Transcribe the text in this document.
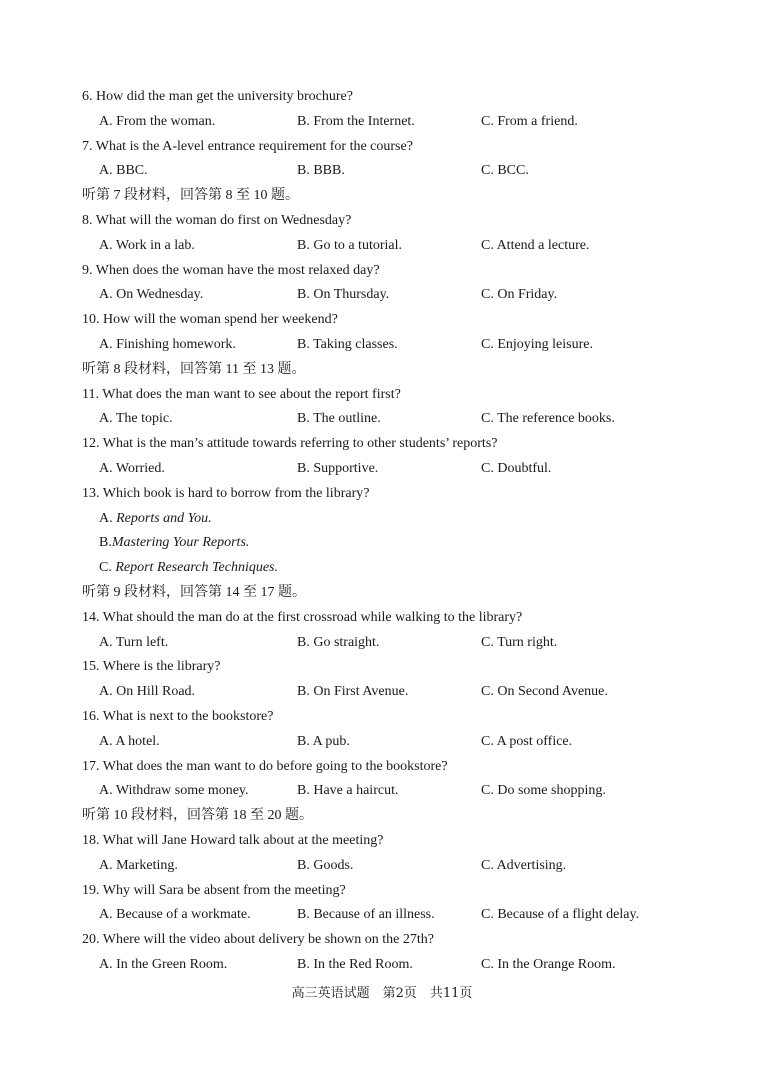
6. How did the man get the university brochure?
A. From the woman.	B. From the Internet.	C. From a friend.
7. What is the A-level entrance requirement for the course?
A. BBC.	B. BBB.	C. BCC.
听第 7 段材料，回答第 8 至 10 题。
8. What will the woman do first on Wednesday?
A. Work in a lab.	B. Go to a tutorial.	C. Attend a lecture.
9. When does the woman have the most relaxed day?
A. On Wednesday.	B. On Thursday.	C. On Friday.
10. How will the woman spend her weekend?
A. Finishing homework.	B. Taking classes.	C. Enjoying leisure.
听第 8 段材料，回答第 11 至 13 题。
11. What does the man want to see about the report first?
A. The topic.	B. The outline.	C. The reference books.
12. What is the man’s attitude towards referring to other students’ reports?
A. Worried.	B. Supportive.	C. Doubtful.
13. Which book is hard to borrow from the library?
A. Reports and You.
B.Mastering Your Reports.
C. Report Research Techniques.
听第 9 段材料，回答第 14 至 17 题。
14. What should the man do at the first crossroad while walking to the library?
A. Turn left.	B. Go straight.	C. Turn right.
15. Where is the library?
A. On Hill Road.	B. On First Avenue.	C. On Second Avenue.
16. What is next to the bookstore?
A. A hotel.	B. A pub.	C. A post office.
17. What does the man want to do before going to the bookstore?
A. Withdraw some money.	B. Have a haircut.	C. Do some shopping.
听第 10 段材料，回答第 18 至 20 题。
18. What will Jane Howard talk about at the meeting?
A. Marketing.	B. Goods.	C. Advertising.
19. Why will Sara be absent from the meeting?
A. Because of a workmate.	B. Because of an illness.	C. Because of a flight delay.
20. Where will the video about delivery be shown on the 27th?
A. In the Green Room.	B. In the Red Room.	C. In the Orange Room.
高三英语试题　第2页　共11页
